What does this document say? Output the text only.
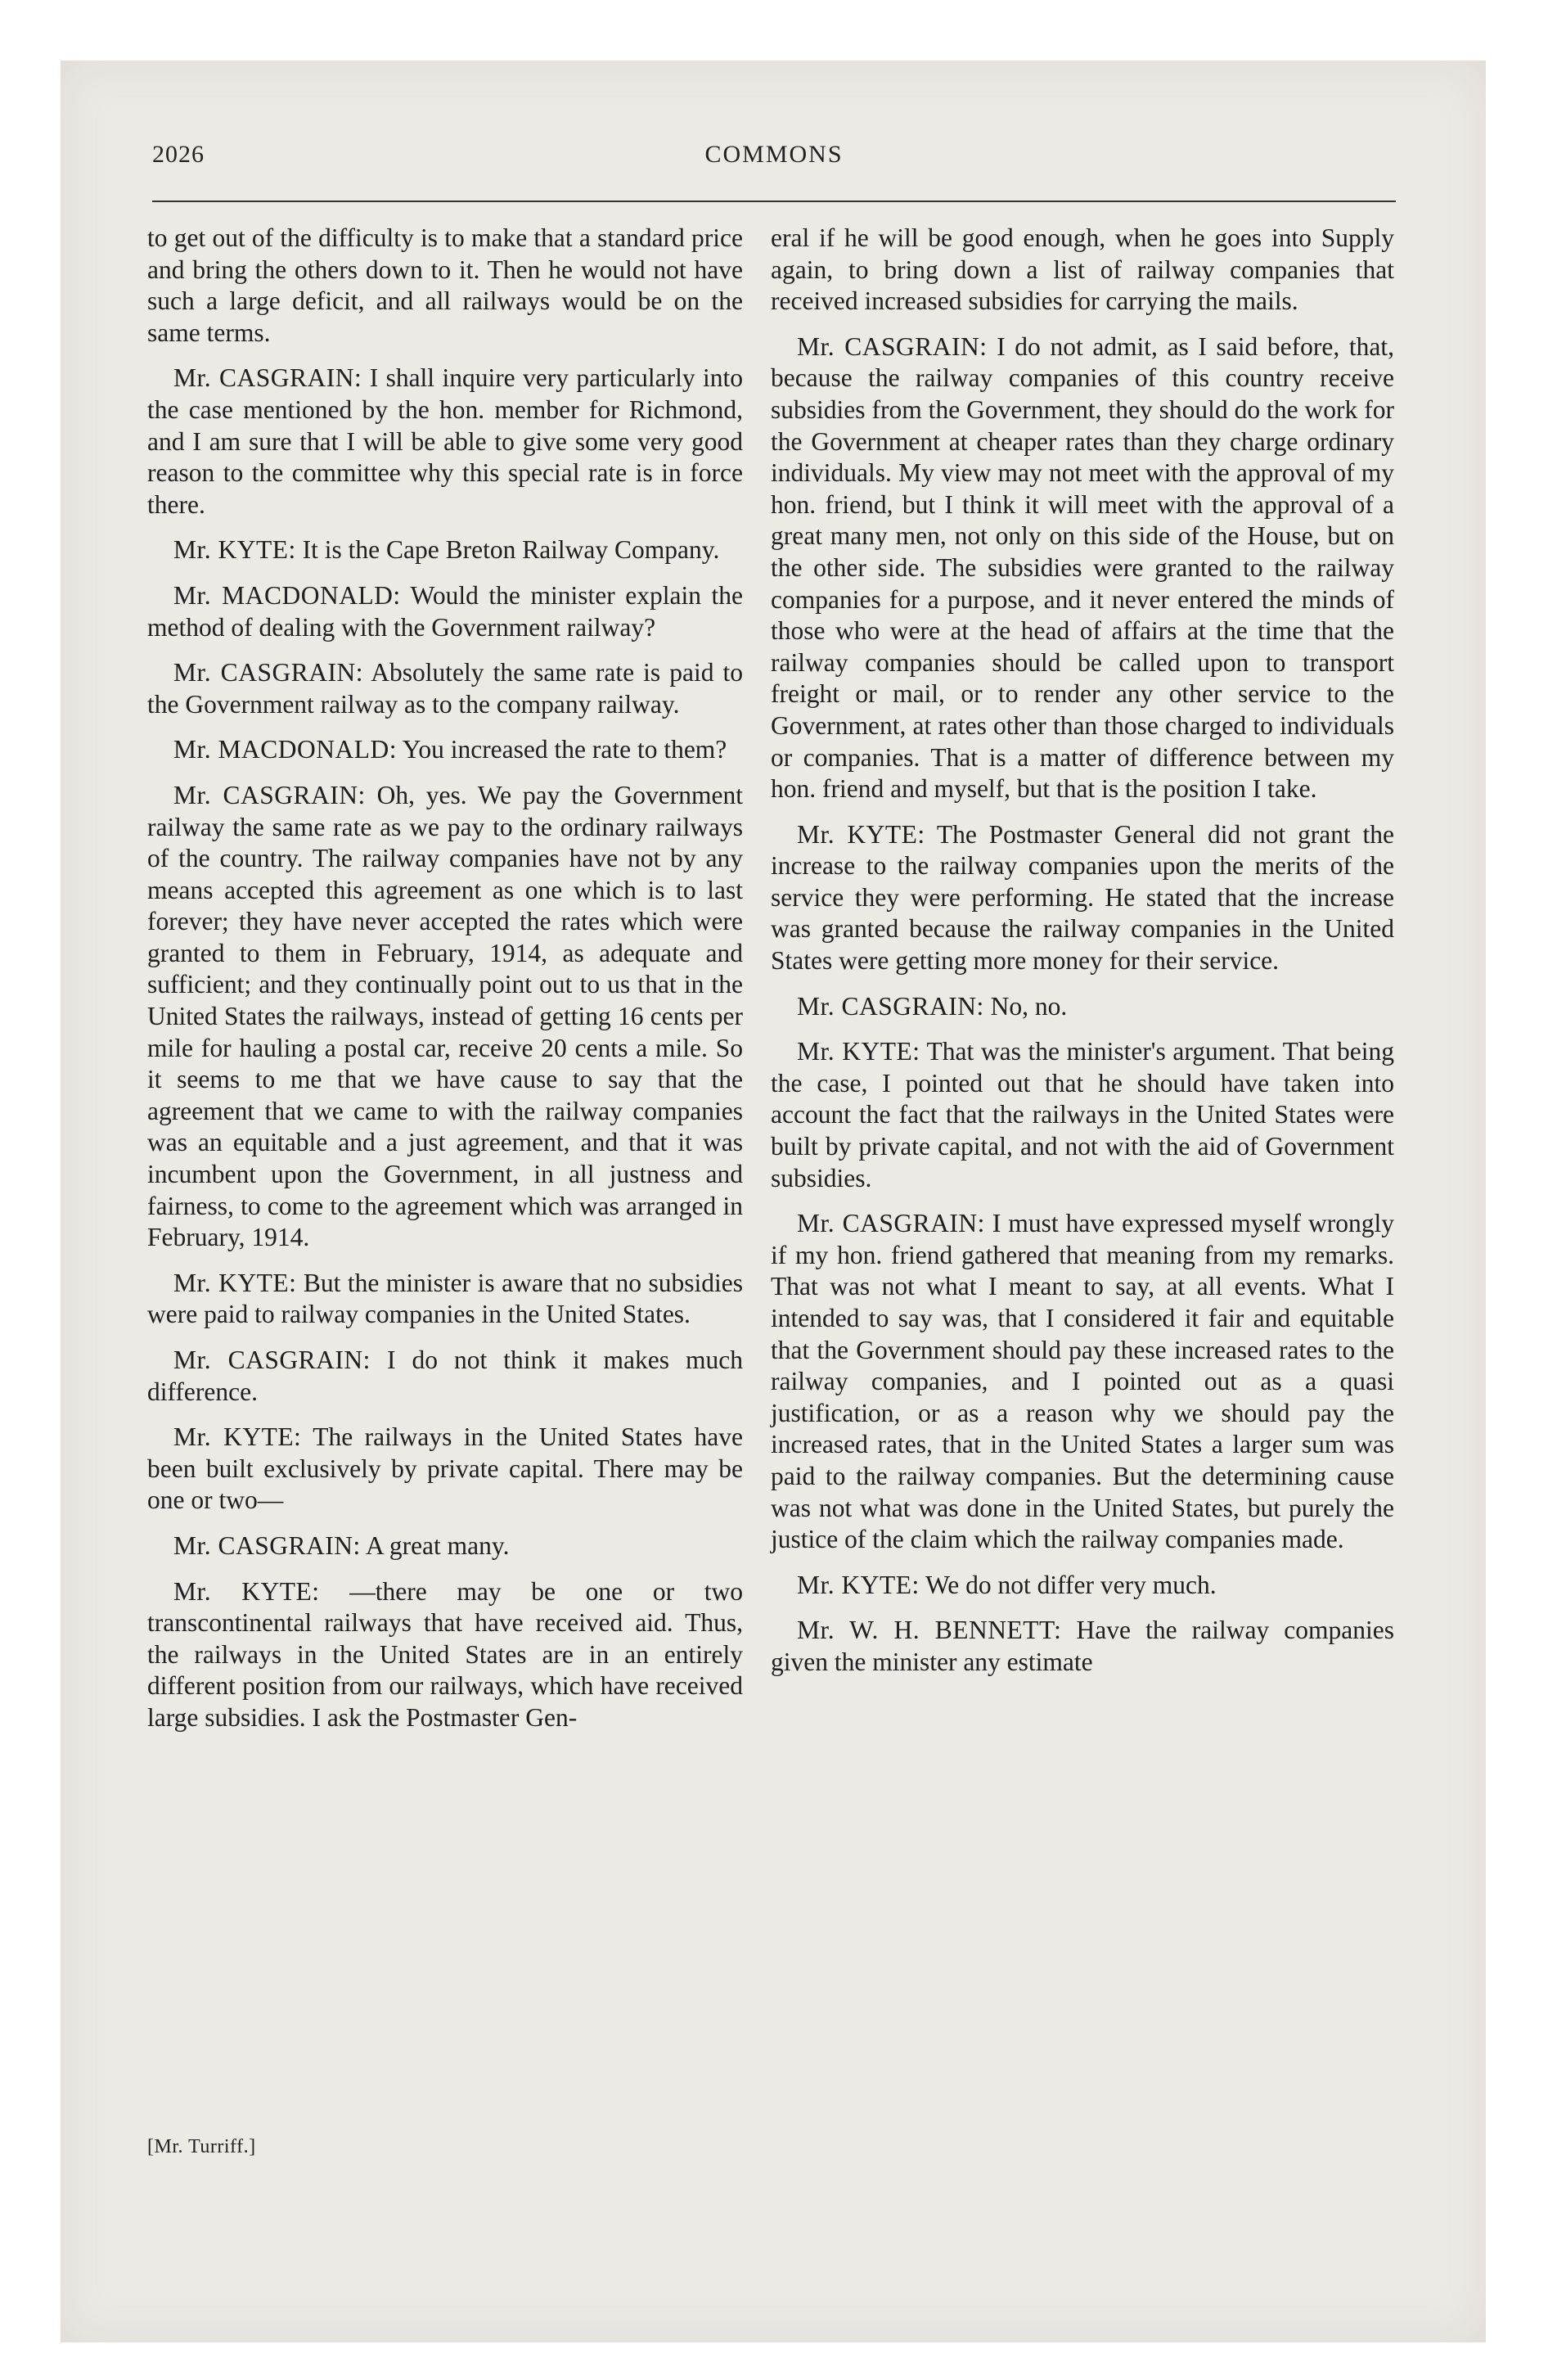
2026	COMMONS

to get out of the difficulty is to make that a standard price and bring the others down to it. Then he would not have such a large deficit, and all railways would be on the same terms.

Mr. CASGRAIN: I shall inquire very particularly into the case mentioned by the hon. member for Richmond, and I am sure that I will be able to give some very good reason to the committee why this special rate is in force there.

Mr. KYTE: It is the Cape Breton Railway Company.

Mr. MACDONALD: Would the minister explain the method of dealing with the Government railway?

Mr. CASGRAIN: Absolutely the same rate is paid to the Government railway as to the company railway.

Mr. MACDONALD: You increased the rate to them?

Mr. CASGRAIN: Oh, yes. We pay the Government railway the same rate as we pay to the ordinary railways of the country. The railway companies have not by any means accepted this agreement as one which is to last forever; they have never accepted the rates which were granted to them in February, 1914, as adequate and sufficient; and they continually point out to us that in the United States the railways, instead of getting 16 cents per mile for hauling a postal car, receive 20 cents a mile. So it seems to me that we have cause to say that the agreement that we came to with the railway companies was an equitable and a just agreement, and that it was incumbent upon the Government, in all justness and fairness, to come to the agreement which was arranged in February, 1914.

Mr. KYTE: But the minister is aware that no subsidies were paid to railway companies in the United States.

Mr. CASGRAIN: I do not think it makes much difference.

Mr. KYTE: The railways in the United States have been built exclusively by private capital. There may be one or two—

Mr. CASGRAIN: A great many.

Mr. KYTE: —there may be one or two transcontinental railways that have received aid. Thus, the railways in the United States are in an entirely different position from our railways, which have received large subsidies. I ask the Postmaster Gen-

eral if he will be good enough, when he goes into Supply again, to bring down a list of railway companies that received increased subsidies for carrying the mails.

Mr. CASGRAIN: I do not admit, as I said before, that, because the railway companies of this country receive subsidies from the Government, they should do the work for the Government at cheaper rates than they charge ordinary individuals. My view may not meet with the approval of my hon. friend, but I think it will meet with the approval of a great many men, not only on this side of the House, but on the other side. The subsidies were granted to the railway companies for a purpose, and it never entered the minds of those who were at the head of affairs at the time that the railway companies should be called upon to transport freight or mail, or to render any other service to the Government, at rates other than those charged to individuals or companies. That is a matter of difference between my hon. friend and myself, but that is the position I take.

Mr. KYTE: The Postmaster General did not grant the increase to the railway companies upon the merits of the service they were performing. He stated that the increase was granted because the railway companies in the United States were getting more money for their service.

Mr. CASGRAIN: No, no.

Mr. KYTE: That was the minister's argument. That being the case, I pointed out that he should have taken into account the fact that the railways in the United States were built by private capital, and not with the aid of Government subsidies.

Mr. CASGRAIN: I must have expressed myself wrongly if my hon. friend gathered that meaning from my remarks. That was not what I meant to say, at all events. What I intended to say was, that I considered it fair and equitable that the Government should pay these increased rates to the railway companies, and I pointed out as a quasi justification, or as a reason why we should pay the increased rates, that in the United States a larger sum was paid to the railway companies. But the determining cause was not what was done in the United States, but purely the justice of the claim which the railway companies made.

Mr. KYTE: We do not differ very much.

Mr. W. H. BENNETT: Have the railway companies given the minister any estimate

[Mr. Turriff.]
